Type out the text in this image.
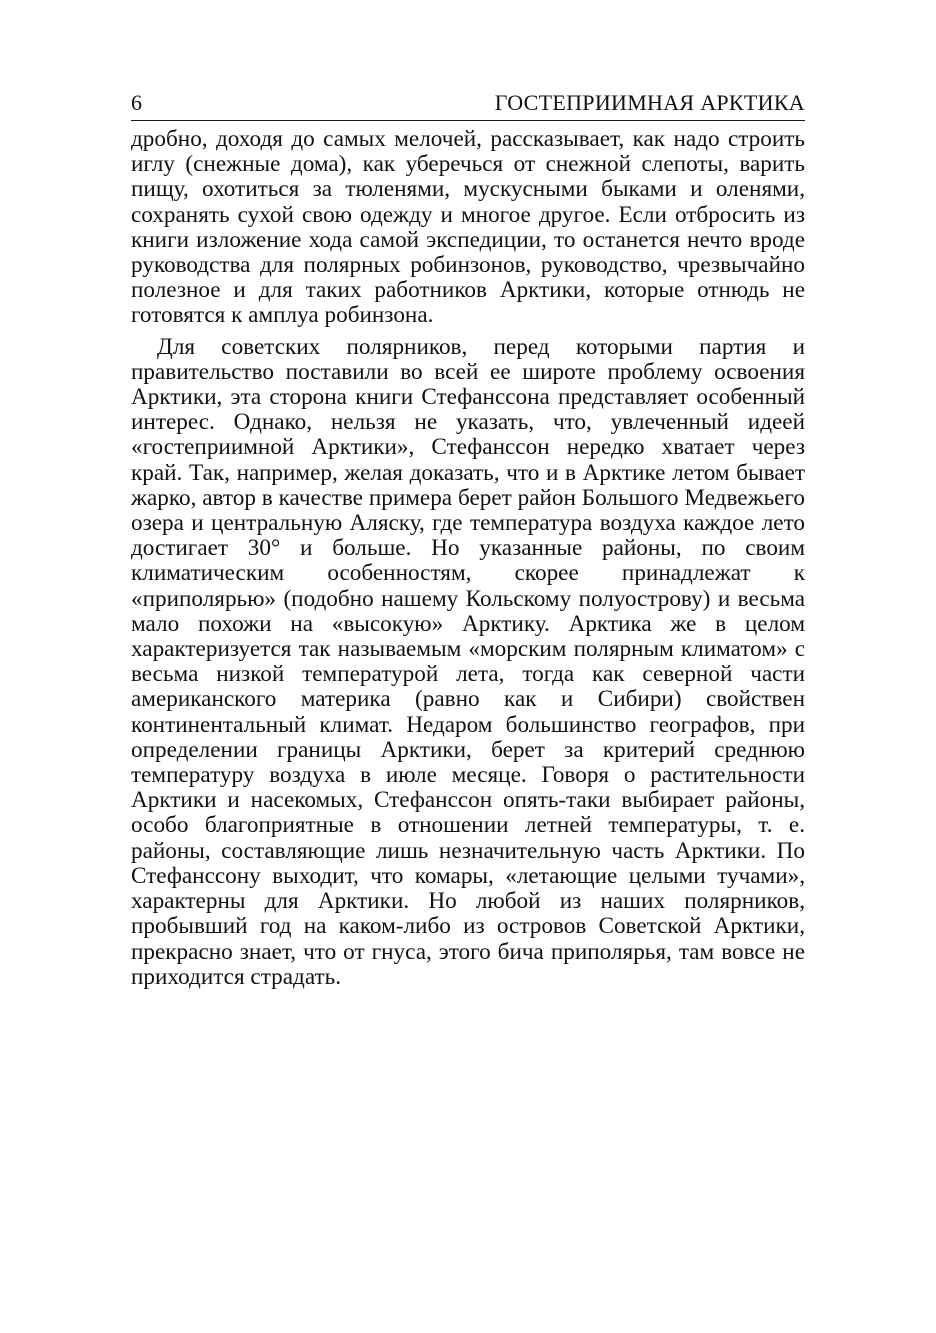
6	ГОСТЕПРИИМНАЯ АРКТИКА

дробно, доходя до самых мелочей, рассказывает, как надо строить иглу (снежные дома), как уберечься от снежной слепоты, варить пищу, охотиться за тюленями, мускусными быками и оленями, сохранять сухой свою одежду и многое другое. Если отбросить из книги изложение хода самой экспедиции, то останется нечто вроде руководства для полярных робинзонов, руководство, чрезвычайно полезное и для таких работников Арктики, которые отнюдь не готовятся к амплуа робинзона.

Для советских полярников, перед которыми партия и правительство поставили во всей ее широте проблему освоения Арктики, эта сторона книги Стефанссона представляет особенный интерес. Однако, нельзя не указать, что, увлеченный идеей «гостеприимной Арктики», Стефанссон нередко хватает через край. Так, например, желая доказать, что и в Арктике летом бывает жарко, автор в качестве примера берет район Большого Медвежьего озера и центральную Аляску, где температура воздуха каждое лето достигает 30° и больше. Но указанные районы, по своим климатическим особенностям, скорее принадлежат к «приполярью» (подобно нашему Кольскому полуострову) и весьма мало похожи на «высокую» Арктику. Арктика же в целом характеризуется так называемым «морским полярным климатом» с весьма низкой температурой лета, тогда как северной части американского материка (равно как и Сибири) свойствен континентальный климат. Недаром большинство географов, при определении границы Арктики, берет за критерий среднюю температуру воздуха в июле месяце. Говоря о растительности Арктики и насекомых, Стефанссон опять-таки выбирает районы, особо благоприятные в отношении летней температуры, т. е. районы, составляющие лишь незначительную часть Арктики. По Стефанссону выходит, что комары, «летающие целыми тучами», характерны для Арктики. Но любой из наших полярников, пробывший год на каком-либо из островов Советской Арктики, прекрасно знает, что от гнуса, этого бича приполярья, там вовсе не приходится страдать.
